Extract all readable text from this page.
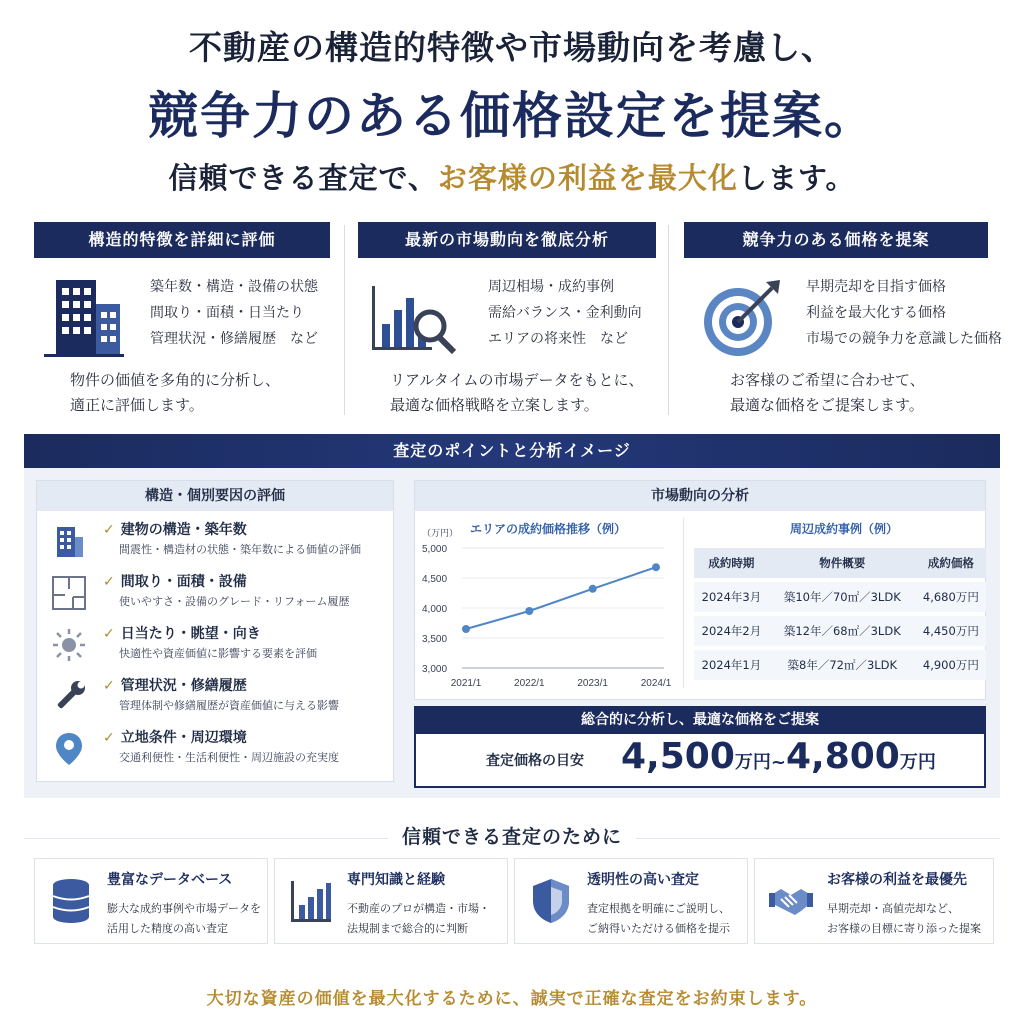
不動産の構造的特徴や市場動向を考慮し、
競争力のある価格設定を提案。
信頼できる査定で、お客様の利益を最大化します。
構造的特徴を詳細に評価
築年数・構造・設備の状態
間取り・面積・日当たり
管理状況・修繕履歴　など
物件の価値を多角的に分析し、
適正に評価します。
最新の市場動向を徹底分析
周辺相場・成約事例
需給バランス・金利動向
エリアの将来性　など
リアルタイムの市場データをもとに、
最適な価格戦略を立案します。
競争力のある価格を提案
早期売却を目指す価格
利益を最大化する価格
市場での競争力を意識した価格
お客様のご希望に合わせて、
最適な価格をご提案します。
査定のポイントと分析イメージ
構造・個別要因の評価
✓ 建物の構造・築年数
間震性・構造材の状態・築年数による価値の評価
✓ 間取り・面積・設備
使いやすさ・設備のグレード・リフォーム履歴
✓ 日当たり・眺望・向き
快適性や資産価値に影響する要素を評価
✓ 管理状況・修繕履歴
管理体制や修繕履歴が資産価値に与える影響
✓ 立地条件・周辺環境
交通利便性・生活利便性・周辺施設の充実度
市場動向の分析
エリアの成約価格推移（例）
（万円）
3,000
3,500
4,000
4,500
5,000
2021/1	2022/1	2023/1	2024/1
周辺成約事例（例）
成約時期	物件概要	成約価格
2024年3月	築10年／70㎡／3LDK	4,680万円
2024年2月	築12年／68㎡／3LDK	4,450万円
2024年1月	築8年／72㎡／3LDK	4,900万円
総合的に分析し、最適な価格をご提案
査定価格の目安 4,500万円~4,800万円
信頼できる査定のために
豊富なデータベース
膨大な成約事例や市場データを
活用した精度の高い査定
専門知識と経験
不動産のプロが構造・市場・
法規制まで総合的に判断
透明性の高い査定
査定根拠を明確にご説明し、
ご納得いただける価格を提示
お客様の利益を最優先
早期売却・高値売却など、
お客様の目標に寄り添った提案
大切な資産の価値を最大化するために、誠実で正確な査定をお約束します。
